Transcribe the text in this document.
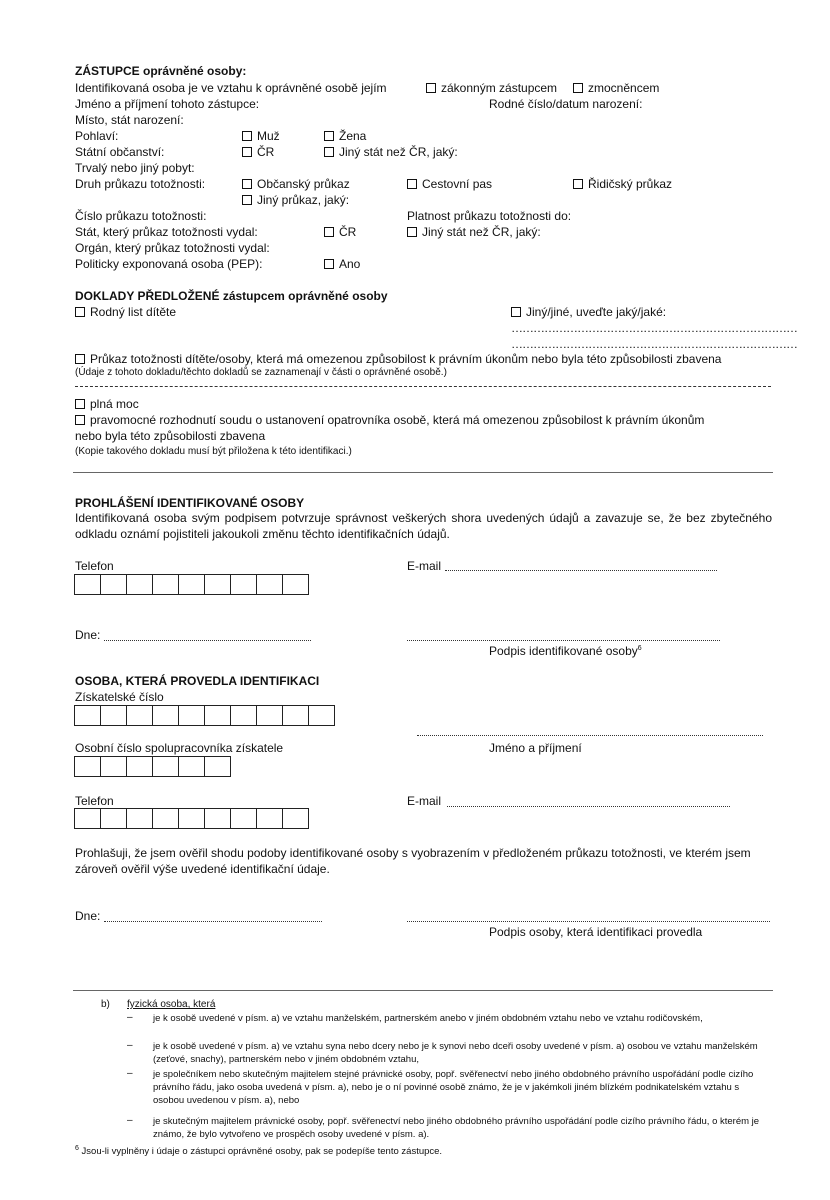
ZÁSTUPCE oprávněné osoby:
Identifikovaná osoba je ve vztahu k oprávněné osobě jejím	zákonným zástupcem	zmocněncem
Jméno a příjmení tohoto zástupce:	Rodné číslo/datum narození:
Místo, stát narození:
Pohlaví:	Muž	Žena
Státní občanství:	ČR	Jiný stát než ČR, jaký:
Trvalý nebo jiný pobyt:
Druh průkazu totožnosti:	Občanský průkaz	Cestovní pas	Řidičský průkaz
Jiný průkaz, jaký:
Číslo průkazu totožnosti:	Platnost průkazu totožnosti do:
Stát, který průkaz totožnosti vydal:	ČR	Jiný stát než ČR, jaký:
Orgán, který průkaz totožnosti vydal:
Politicky exponovaná osoba (PEP):	Ano
DOKLADY PŘEDLOŽENÉ zástupcem oprávněné osoby
Rodný list dítěte	Jiný/jiné, uveďte jaký/jaké:
……………………………………………………………………
……………………………………………………………………
Průkaz totožnosti dítěte/osoby, která má omezenou způsobilost k právním úkonům nebo byla této způsobilosti zbavena
(Údaje z tohoto dokladu/těchto dokladů se zaznamenají v části o oprávněné osobě.)
plná moc
pravomocné rozhodnutí soudu o ustanovení opatrovníka osobě, která má omezenou způsobilost k právním úkonům
nebo byla této způsobilosti zbavena
(Kopie takového dokladu musí být přiložena k této identifikaci.)
PROHLÁŠENÍ IDENTIFIKOVANÉ OSOBY
Identifikovaná osoba svým podpisem potvrzuje správnost veškerých shora uvedených údajů a zavazuje se, že bez zbytečného odkladu oznámí pojistiteli jakoukoli změnu těchto identifikačních údajů.
Telefon	E-mail
Dne:
Podpis identifikované osoby$^6$
OSOBA, KTERÁ PROVEDLA IDENTIFIKACI
Získatelské číslo
Jméno a příjmení
Osobní číslo spolupracovníka získatele
Telefon	E-mail
Prohlašuji, že jsem ověřil shodu podoby identifikované osoby s vyobrazením v předloženém průkazu totožnosti, ve kterém jsem zároveň ověřil výše uvedené identifikační údaje.
Dne:
Podpis osoby, která identifikaci provedla
b) fyzická osoba, která
– je k osobě uvedené v písm. a) ve vztahu manželském, partnerském anebo v jiném obdobném vztahu nebo ve vztahu rodičovském,
– je k osobě uvedené v písm. a) ve vztahu syna nebo dcery nebo je k synovi nebo dceři osoby uvedené v písm. a) osobou ve vztahu manželském (zeťové, snachy), partnerském nebo v jiném obdobném vztahu,
– je společníkem nebo skutečným majitelem stejné právnické osoby, popř. svěřenectví nebo jiného obdobného právního uspořádání podle cizího právního řádu, jako osoba uvedená v písm. a), nebo je o ní povinné osobě známo, že je v jakémkoli jiném blízkém podnikatelském vztahu s osobou uvedenou v písm. a), nebo
– je skutečným majitelem právnické osoby, popř. svěřenectví nebo jiného obdobného právního uspořádání podle cizího právního řádu, o kterém je známo, že bylo vytvořeno ve prospěch osoby uvedené v písm. a).
$^6$ Jsou-li vyplněny i údaje o zástupci oprávněné osoby, pak se podepíše tento zástupce.
